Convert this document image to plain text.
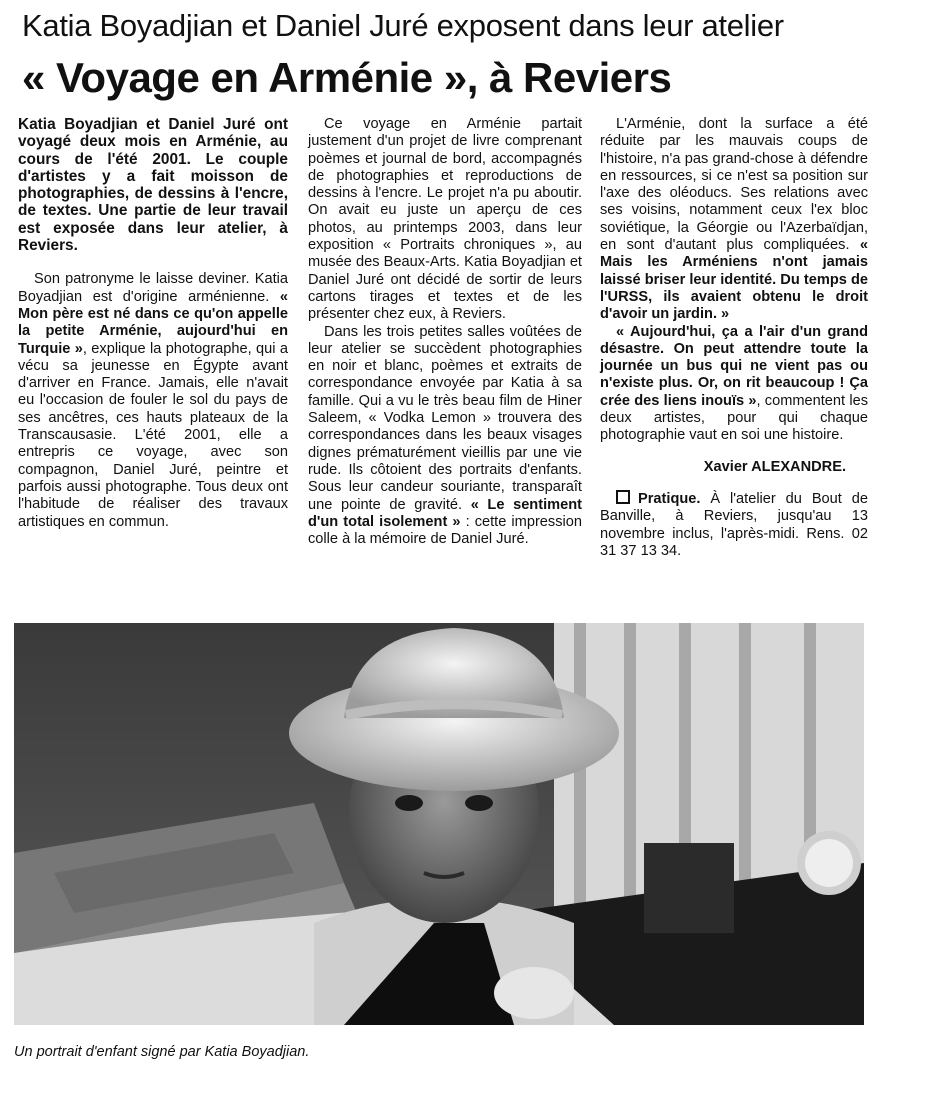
Katia Boyadjian et Daniel Juré exposent dans leur atelier
« Voyage en Arménie », à Reviers

Katia Boyadjian et Daniel Juré ont voyagé deux mois en Arménie, au cours de l'été 2001. Le couple d'artistes y a fait moisson de photographies, de dessins à l'encre, de textes. Une partie de leur travail est exposée dans leur atelier, à Reviers.

Son patronyme le laisse deviner. Katia Boyadjian est d'origine arménienne. « Mon père est né dans ce qu'on appelle la petite Arménie, aujourd'hui en Turquie », explique la photographe, qui a vécu sa jeunesse en Égypte avant d'arriver en France. Jamais, elle n'avait eu l'occasion de fouler le sol du pays de ses ancêtres, ces hauts plateaux de la Transcausasie. L'été 2001, elle a entrepris ce voyage, avec son compagnon, Daniel Juré, peintre et parfois aussi photographe. Tous deux ont l'habitude de réaliser des travaux artistiques en commun.

Ce voyage en Arménie partait justement d'un projet de livre comprenant poèmes et journal de bord, accompagnés de photographies et reproductions de dessins à l'encre. Le projet n'a pu aboutir. On avait eu juste un aperçu de ces photos, au printemps 2003, dans leur exposition « Portraits chroniques », au musée des Beaux-Arts. Katia Boyadjian et Daniel Juré ont décidé de sortir de leurs cartons tirages et textes et de les présenter chez eux, à Reviers.

Dans les trois petites salles voûtées de leur atelier se succèdent photographies en noir et blanc, poèmes et extraits de correspondance envoyée par Katia à sa famille. Qui a vu le très beau film de Hiner Saleem, « Vodka Lemon » trouvera des correspondances dans les beaux visages dignes prématurément vieillis par une vie rude. Ils côtoient des portraits d'enfants. Sous leur candeur souriante, transparaît une pointe de gravité. « Le sentiment d'un total isolement » : cette impression colle à la mémoire de Daniel Juré.

L'Arménie, dont la surface a été réduite par les mauvais coups de l'histoire, n'a pas grand-chose à défendre en ressources, si ce n'est sa position sur l'axe des oléoducs. Ses relations avec ses voisins, notamment ceux l'ex bloc soviétique, la Géorgie ou l'Azerbaïdjan, en sont d'autant plus compliquées. « Mais les Arméniens n'ont jamais laissé briser leur identité. Du temps de l'URSS, ils avaient obtenu le droit d'avoir un jardin. »

« Aujourd'hui, ça a l'air d'un grand désastre. On peut attendre toute la journée un bus qui ne vient pas ou n'existe plus. Or, on rit beaucoup ! Ça crée des liens inouïs », commentent les deux artistes, pour qui chaque photographie vaut en soi une histoire.

Xavier ALEXANDRE.

Pratique. À l'atelier du Bout de Banville, à Reviers, jusqu'au 13 novembre inclus, l'après-midi. Rens. 02 31 37 13 34.

Un portrait d'enfant signé par Katia Boyadjian.
